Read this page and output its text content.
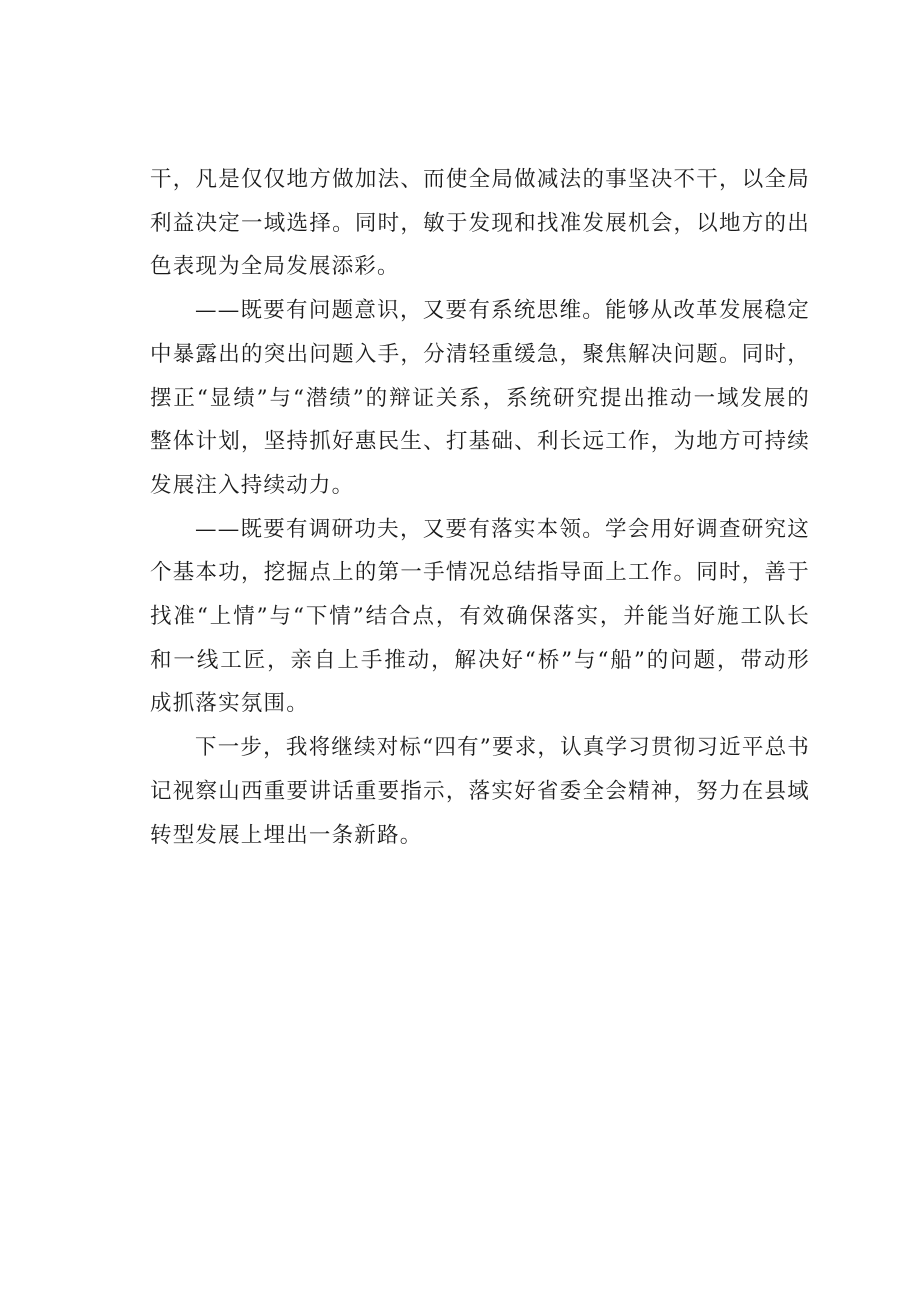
干，凡是仅仅地方做加法、而使全局做减法的事坚决不干，以全局利益决定一域选择。同时，敏于发现和找准发展机会，以地方的出色表现为全局发展添彩。

——既要有问题意识，又要有系统思维。能够从改革发展稳定中暴露出的突出问题入手，分清轻重缓急，聚焦解决问题。同时，摆正“显绩”与“潜绩”的辩证关系，系统研究提出推动一域发展的整体计划，坚持抓好惠民生、打基础、利长远工作，为地方可持续发展注入持续动力。

——既要有调研功夫，又要有落实本领。学会用好调查研究这个基本功，挖掘点上的第一手情况总结指导面上工作。同时，善于找准“上情”与“下情”结合点，有效确保落实，并能当好施工队长和一线工匠，亲自上手推动，解决好“桥”与“船”的问题，带动形成抓落实氛围。

下一步，我将继续对标“四有”要求，认真学习贯彻习近平总书记视察山西重要讲话重要指示，落实好省委全会精神，努力在县域转型发展上埋出一条新路。
